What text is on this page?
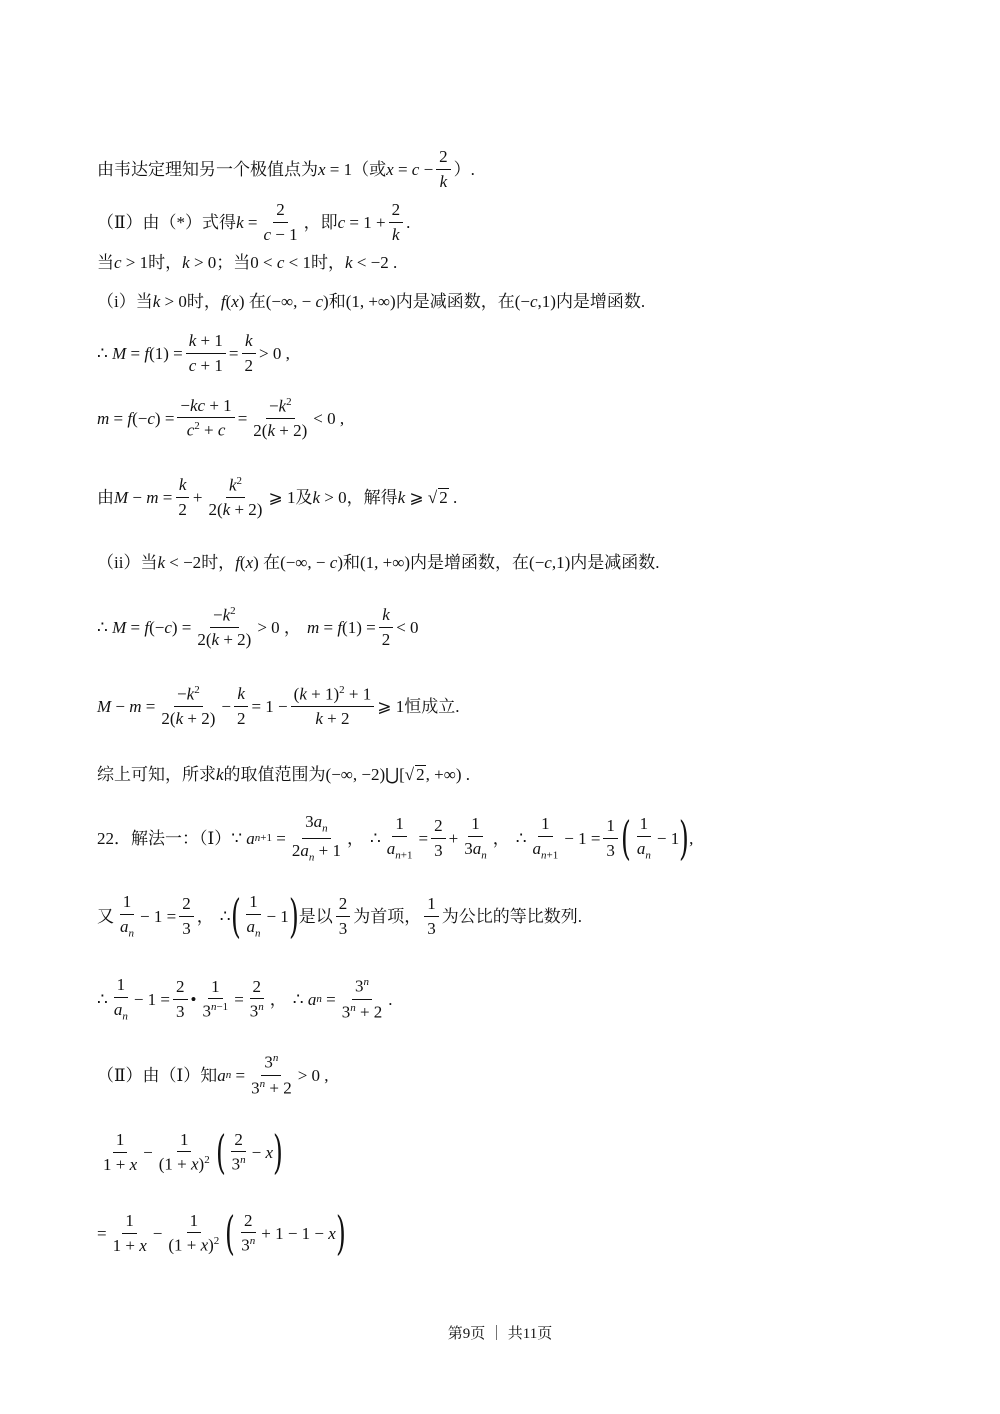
由韦达定理知另一个极值点为 x = 1 （或 $x = c - \frac{2}{k}$ ）.
（Ⅱ）由（*）式得 $k = \frac{2}{c - 1}$ ，即 $c = 1 + \frac{2}{k}$ .
当 c > 1 时， k > 0 ；当 0 < c < 1 时， k < −2 .
（i）当 k > 0 时， f ( x ) 在 (−∞, − c ) 和 (1, +∞) 内是减函数，在 (− c ,1) 内是增函数.
∴ M = f $(1) = \frac{k + 1}{c + 1} = \frac{k}{2} > 0$ ,
m = f (− c ) = $\frac{-kc + 1}{c^2 + c} = \frac{-k^2}{2(k + 2)} < 0$ ,
由 $M - m = \frac{k}{2} + \frac{k^2}{2(k + 2)}$ ⩾ 1 及 k > 0 ，解得 k ⩾ √ 2 .
（ii）当 k < −2 时， f ( x ) 在 (−∞, − c ) 和 (1, +∞) 内是增函数，在 (− c ,1) 内是减函数.
∴ M = f (− c ) = $\frac{-k^2}{2(k + 2)} > 0$ ， m = f $(1) = \frac{k}{2} < 0$
$M - m = \frac{-k^2}{2(k + 2)} - \frac{k}{2} = 1 - \frac{(k + 1)^2 + 1}{k + 2}$ ⩾ 1 恒成立.
综上可知，所求 k 的取值范围为 (−∞, −2)⋃[√ 2 , +∞) .
22．解法一：（Ⅰ） ∵ a $n+1 = \frac{3a_n}{2a_n + 1}$ ，
∴ $\frac{1}{a_{n+1}} = \frac{2}{3} + \frac{1}{3a_n}$ ，
∴ $\frac{1}{a_{n+1}} - 1 = \frac{1}{3}$ ( $\frac{1}{a_n} - 1$ ) ,
又 $\frac{1}{a_n} - 1 = \frac{2}{3}$ ，
∴ ( $\frac{1}{a_n} - 1$ ) 是以 $\frac{2}{3}$ 为首项， $\frac{1}{3}$ 为公比的等比数列.
∴ $\frac{1}{a_n} - 1 = \frac{2}{3}$ • $\frac{1}{3^{n-1}} = \frac{2}{3^n}$ ，
∴ a $n = \frac{3^n}{3^n + 2}$ .
（Ⅱ）由（Ⅰ）知 a $n = \frac{3^n}{3^n + 2} > 0$ ,
$\frac{1}{1 + x} - \frac{1}{(1 + x)^2}$ ( $\frac{2}{3^n} - x$ )
= $\frac{1}{1 + x} - \frac{1}{(1 + x)^2}$ ( $\frac{2}{3^n} + 1 - 1 - x$ )
第9页 ｜ 共11页
